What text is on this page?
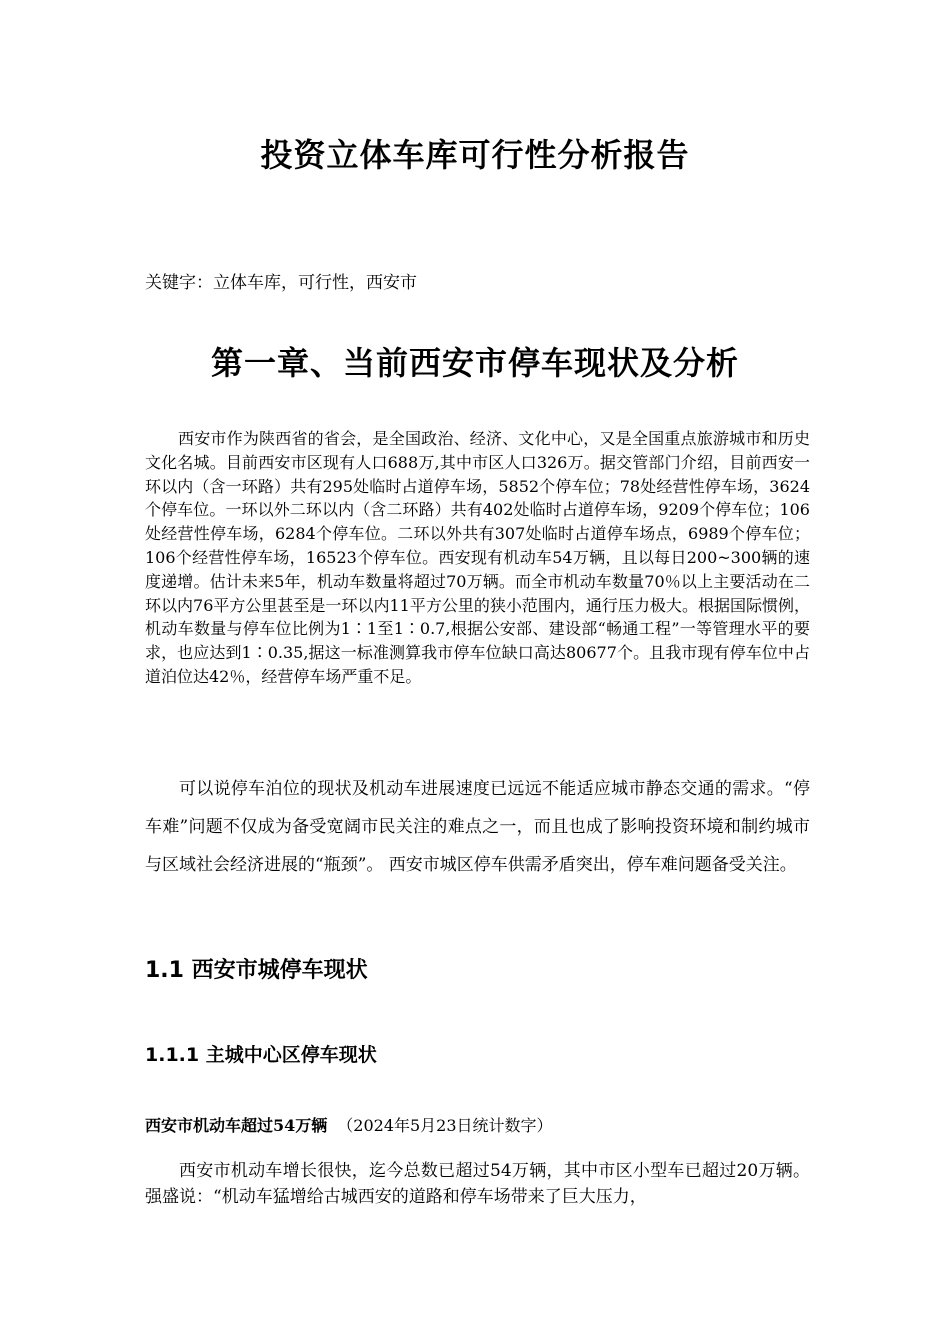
投资立体车库可行性分析报告

关键字：立体车库，可行性，西安市

第一章、当前西安市停车现状及分析

西安市作为陕西省的省会，是全国政治、经济、文化中心，又是全国重点旅游城市和历史文化名城。目前西安市区现有人口688万,其中市区人口326万。据交管部门介绍，目前西安一环以内（含一环路）共有295处临时占道停车场，5852个停车位；78处经营性停车场，3624个停车位。一环以外二环以内（含二环路）共有402处临时占道停车场，9209个停车位；106处经营性停车场，6284个停车位。二环以外共有307处临时占道停车场点，6989个停车位；106个经营性停车场，16523个停车位。西安现有机动车54万辆，且以每日200~300辆的速度递增。估计未来5年，机动车数量将超过70万辆。而全市机动车数量70％以上主要活动在二环以内76平方公里甚至是一环以内11平方公里的狭小范围内，通行压力极大。根据国际惯例，机动车数量与停车位比例为1∶1至1∶0.7,根据公安部、建设部“畅通工程”一等管理水平的要求，也应达到1∶0.35,据这一标准测算我市停车位缺口高达80677个。且我市现有停车位中占道泊位达42％，经营停车场严重不足。

可以说停车泊位的现状及机动车进展速度已远远不能适应城市静态交通的需求。“停车难”问题不仅成为备受宽阔市民关注的难点之一，而且也成了影响投资环境和制约城市与区域社会经济进展的“瓶颈”。 西安市城区停车供需矛盾突出，停车难问题备受关注。

1.1 西安市城停车现状
1.1.1 主城中心区停车现状

西安市机动车超过54万辆 （2024年5月23日统计数字）

西安市机动车增长很快，迄今总数已超过54万辆，其中市区小型车已超过20万辆。强盛说：“机动车猛增给古城西安的道路和停车场带来了巨大压力，
